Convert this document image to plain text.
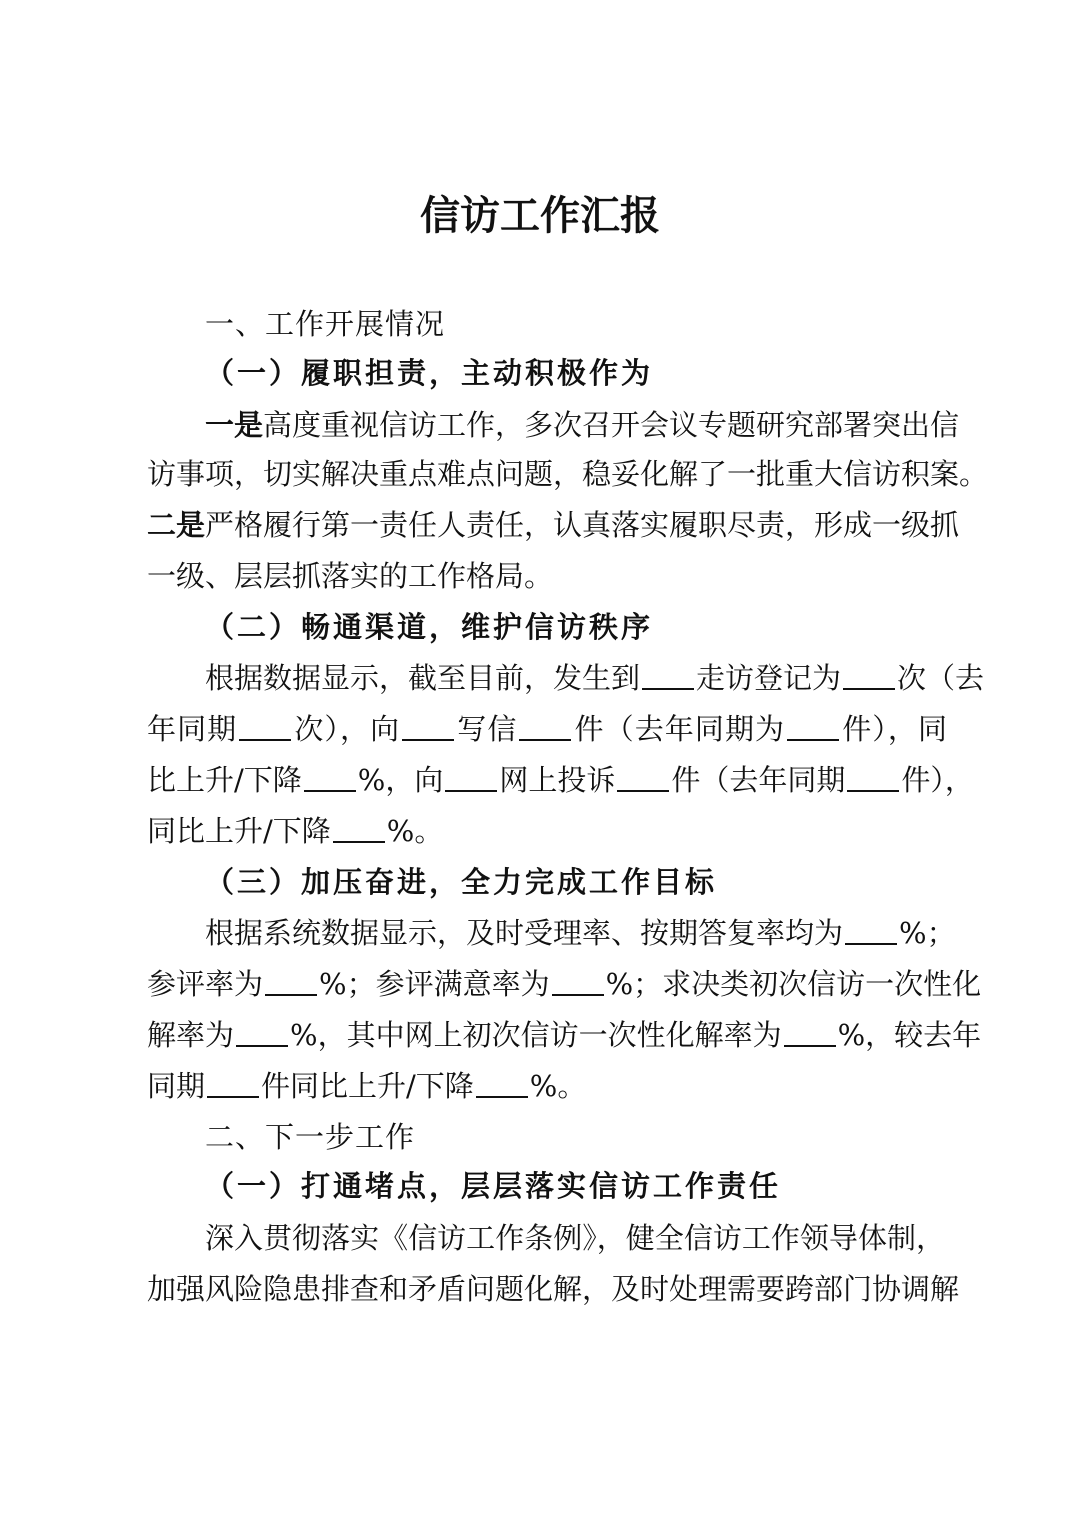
信访工作汇报
一、工作开展情况
（一）履职担责，主动积极作为
一是高度重视信访工作，多次召开会议专题研究部署突出信
访事项，切实解决重点难点问题，稳妥化解了一批重大信访积案。
二是严格履行第一责任人责任，认真落实履职尽责，形成一级抓
一级、层层抓落实的工作格局。
（二）畅通渠道，维护信访秩序
根据数据显示，截至目前，发生到 走访登记为 次（去
年同期 次），向 写信 件（去年同期为 件），同
比上升/下降 %，向 网上投诉 件（去年同期 件），
同比上升/下降 %。
（三）加压奋进，全力完成工作目标
根据系统数据显示，及时受理率、按期答复率均为 %；
参评率为 %；参评满意率为 %；求决类初次信访一次性化
解率为 %，其中网上初次信访一次性化解率为 %，较去年
同期 件同比上升/下降 %。
二、下一步工作
（一）打通堵点，层层落实信访工作责任
深入贯彻落实《信访工作条例》，健全信访工作领导体制，
加强风险隐患排查和矛盾问题化解，及时处理需要跨部门协调解
